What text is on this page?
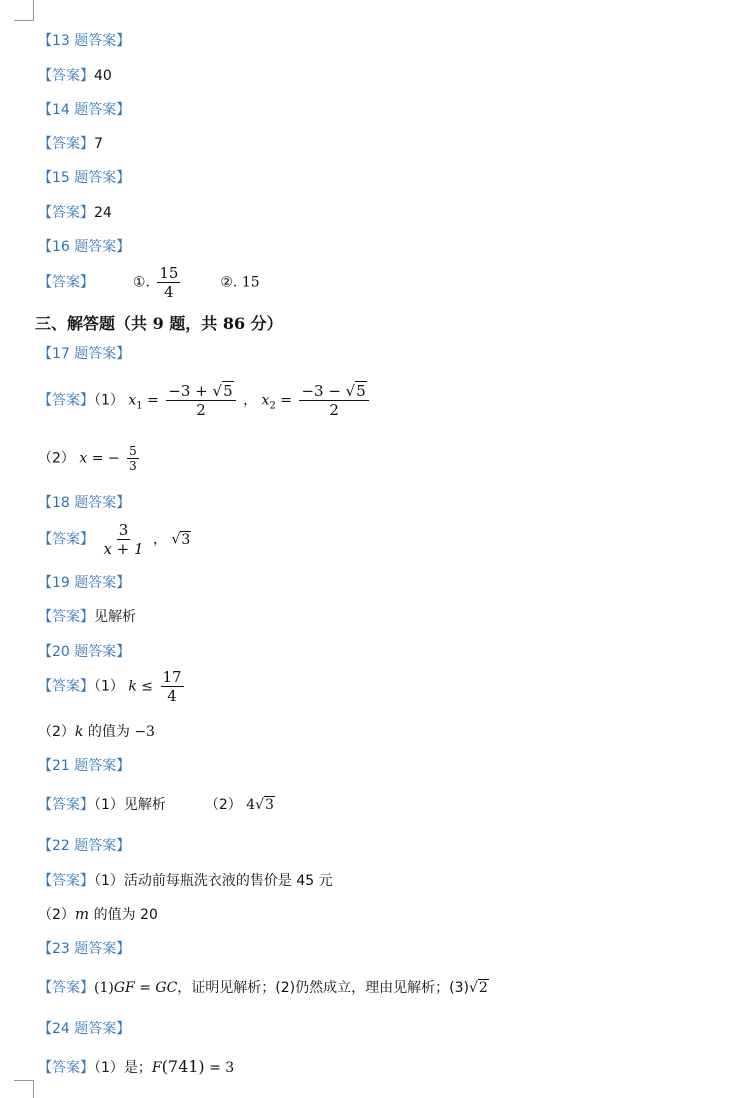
【13 题答案】
【答案】40
【14 题答案】
【答案】7
【15 题答案】
【答案】24
【16 题答案】
【答案】	①. $\frac{15}{4}$	②. 15
三、解答题（共 9 题，共 86 分）
【17 题答案】
【答案】（1） $x_1 = \frac{-3 + √5}{2}$ ， $x_2 = \frac{-3 - √5}{2}$
（2） x = − $\frac{5}{3}$
【18 题答案】
【答案】 $\frac{3}{x + 1}$ ， √3
【19 题答案】
【答案】见解析
【20 题答案】
【答案】（1） $k \le \frac{17}{4}$
（2）k 的值为 −3
【21 题答案】
【答案】（1）见解析	（2） 4√3
【22 题答案】
【答案】（1）活动前每瓶洗衣液的售价是 45 元
（2）m 的值为 20
【23 题答案】
【答案】(1)GF = GC，证明见解析；(2)仍然成立，理由见解析；(3)√2
【24 题答案】
【答案】（1）是；F(741) = 3
